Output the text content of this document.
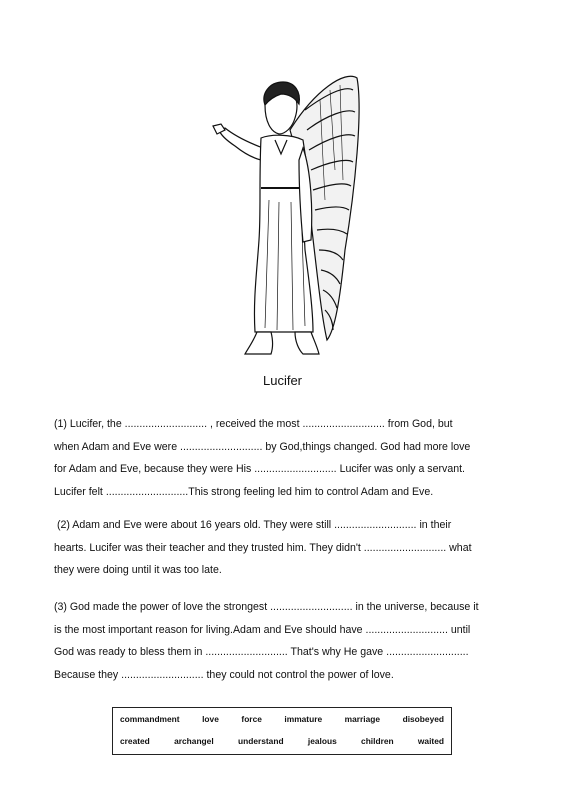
Lucifer
(1) Lucifer, the ............................ , received the most ............................ from God, but
when Adam and Eve were ............................ by God,things changed. God had more love
for Adam and Eve, because they were His ............................ Lucifer was only a servant.
Lucifer felt ............................This strong feeling led him to control Adam and Eve.
(2) Adam and Eve were about 16 years old. They were still ............................ in their
hearts. Lucifer was their teacher and they trusted him. They didn't ............................ what
they were doing until it was too late.
(3) God made the power of love the strongest ............................ in the universe, because it
is the most important reason for living.Adam and Eve should have ............................ until
God was ready to bless them in ............................ That's why He gave ............................
Because they ............................ they could not control the power of love.
commandment	love	force	immature	marriage	disobeyed
created	archangel	understand	jealous	children	waited
